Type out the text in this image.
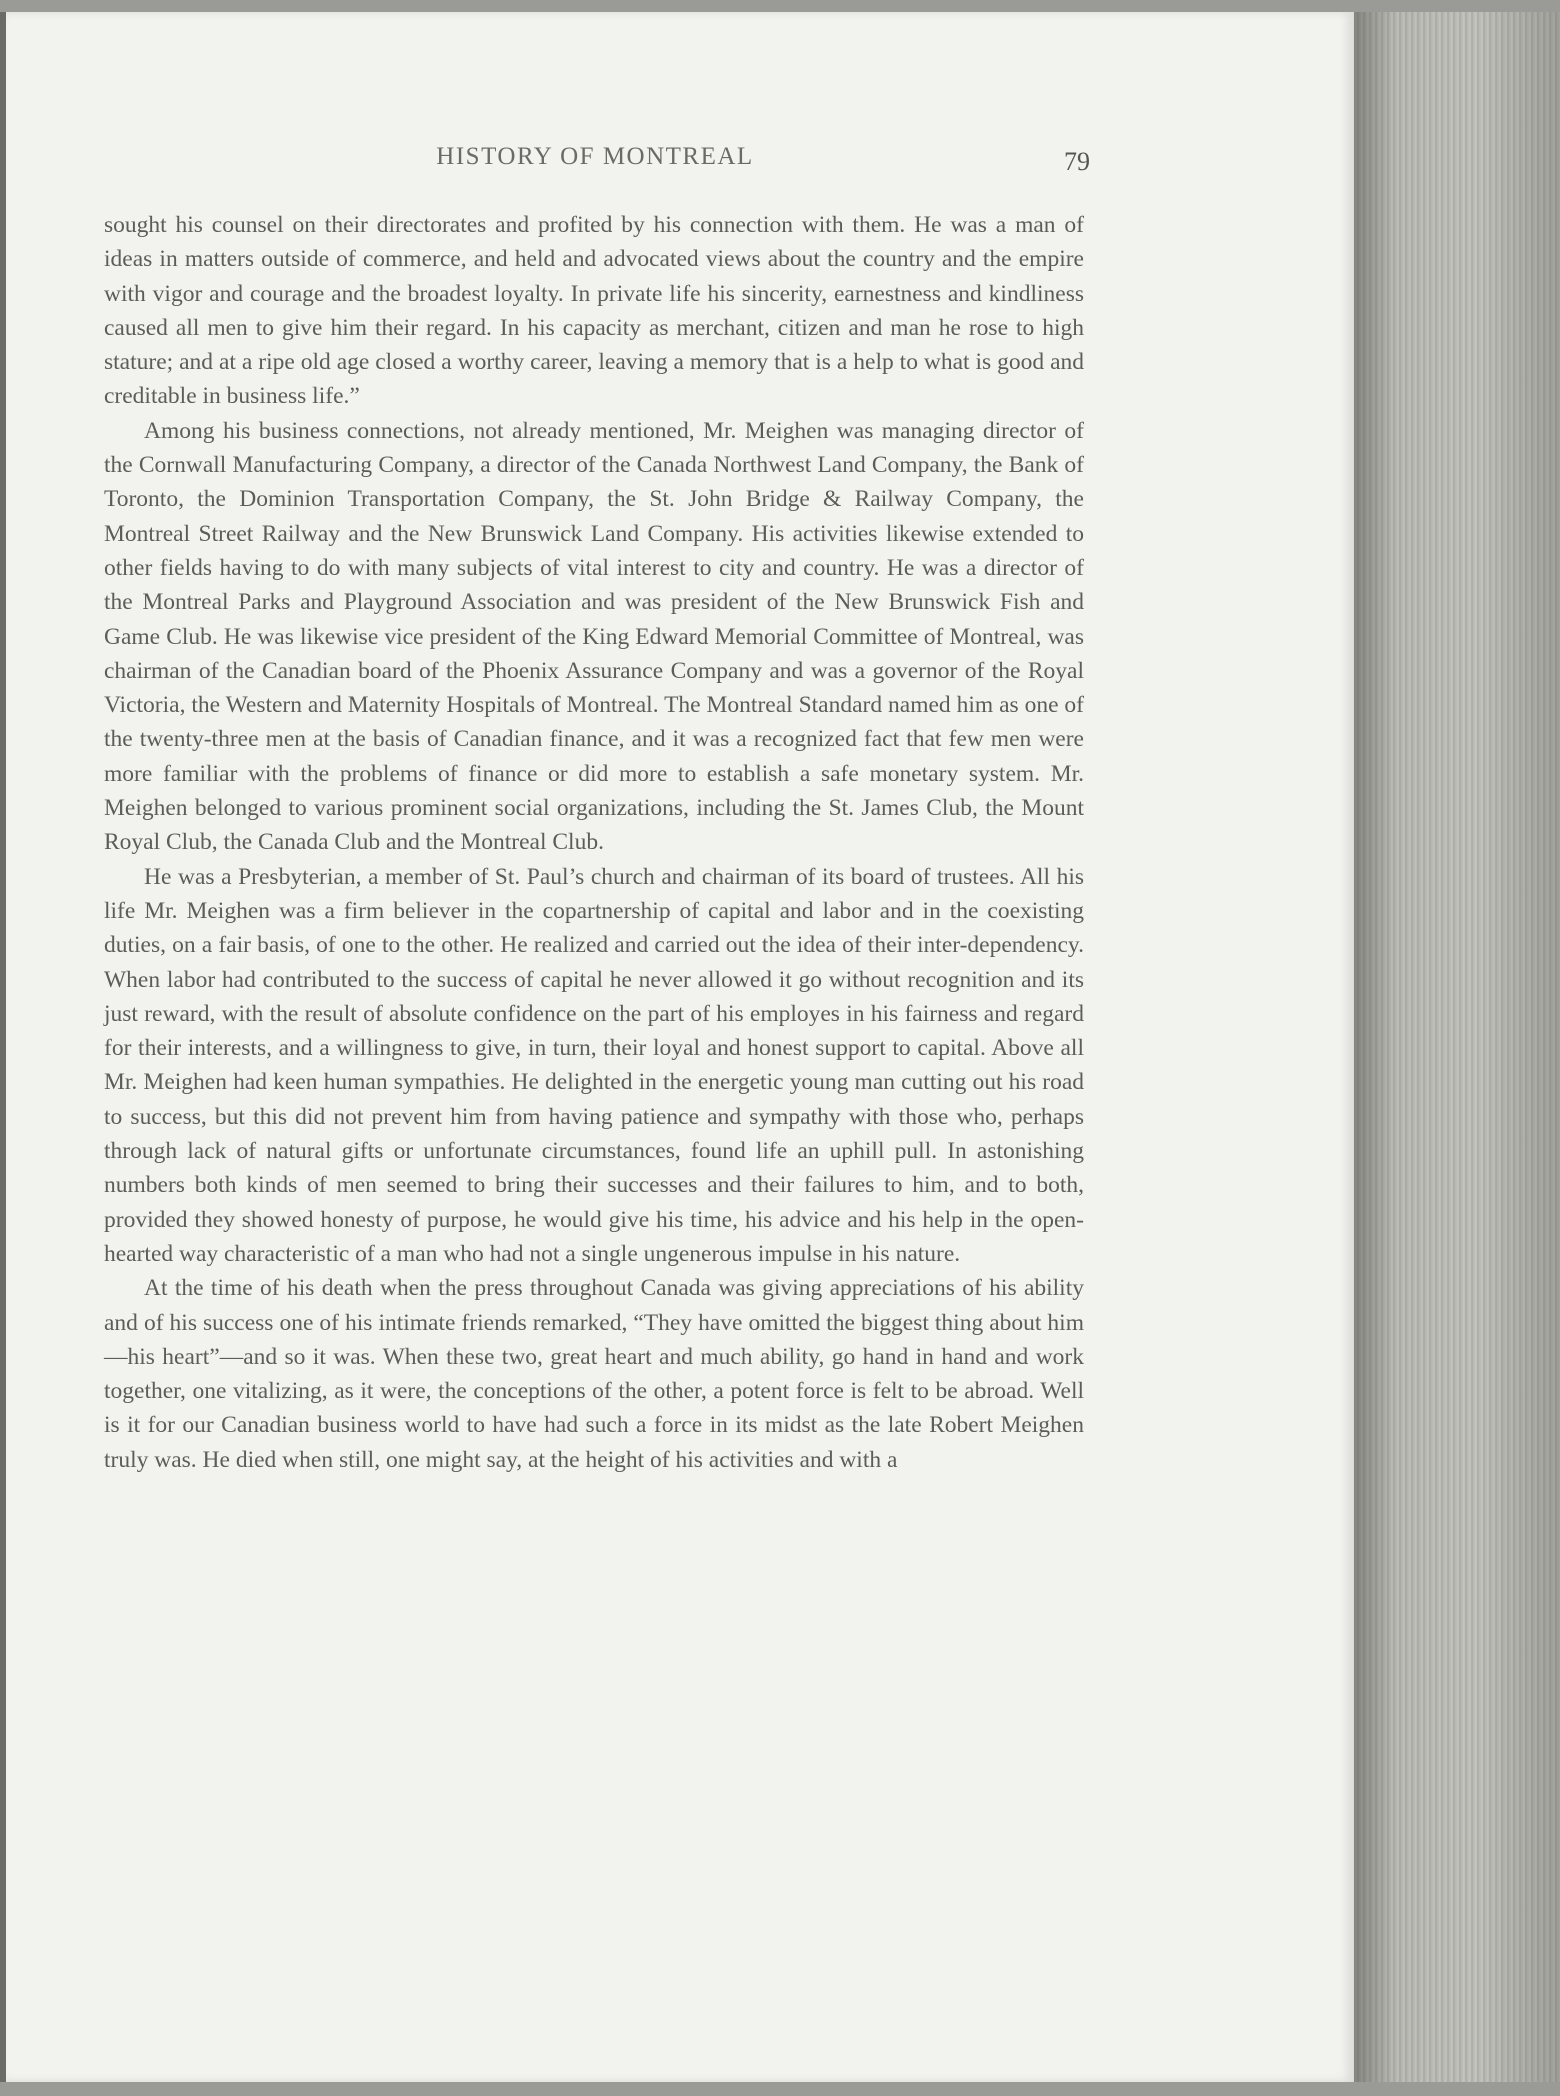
HISTORY OF MONTREAL	79

sought his counsel on their directorates and profited by his connection with them. He was a man of ideas in matters outside of commerce, and held and advocated views about the country and the empire with vigor and courage and the broadest loyalty. In private life his sincerity, earnestness and kindliness caused all men to give him their regard. In his capacity as merchant, citizen and man he rose to high stature; and at a ripe old age closed a worthy career, leaving a memory that is a help to what is good and creditable in business life.”

Among his business connections, not already mentioned, Mr. Meighen was managing director of the Cornwall Manufacturing Company, a director of the Canada Northwest Land Company, the Bank of Toronto, the Dominion Transportation Company, the St. John Bridge & Railway Company, the Montreal Street Railway and the New Brunswick Land Company. His activities likewise extended to other fields having to do with many subjects of vital interest to city and country. He was a director of the Montreal Parks and Playground Association and was president of the New Brunswick Fish and Game Club. He was likewise vice president of the King Edward Memorial Committee of Montreal, was chairman of the Canadian board of the Phoenix Assurance Company and was a governor of the Royal Victoria, the Western and Maternity Hospitals of Montreal. The Montreal Standard named him as one of the twenty-three men at the basis of Canadian finance, and it was a recognized fact that few men were more familiar with the problems of finance or did more to establish a safe monetary system. Mr. Meighen belonged to various prominent social organizations, including the St. James Club, the Mount Royal Club, the Canada Club and the Montreal Club.

He was a Presbyterian, a member of St. Paul’s church and chairman of its board of trustees. All his life Mr. Meighen was a firm believer in the copartnership of capital and labor and in the coexisting duties, on a fair basis, of one to the other. He realized and carried out the idea of their inter-dependency. When labor had contributed to the success of capital he never allowed it go without recognition and its just reward, with the result of absolute confidence on the part of his employes in his fairness and regard for their interests, and a willingness to give, in turn, their loyal and honest support to capital. Above all Mr. Meighen had keen human sympathies. He delighted in the energetic young man cutting out his road to success, but this did not prevent him from having patience and sympathy with those who, perhaps through lack of natural gifts or unfortunate circumstances, found life an uphill pull. In astonishing numbers both kinds of men seemed to bring their successes and their failures to him, and to both, provided they showed honesty of purpose, he would give his time, his advice and his help in the open-hearted way characteristic of a man who had not a single ungenerous impulse in his nature.

At the time of his death when the press throughout Canada was giving appreciations of his ability and of his success one of his intimate friends remarked, “They have omitted the biggest thing about him—his heart”—and so it was. When these two, great heart and much ability, go hand in hand and work together, one vitalizing, as it were, the conceptions of the other, a potent force is felt to be abroad. Well is it for our Canadian business world to have had such a force in its midst as the late Robert Meighen truly was. He died when still, one might say, at the height of his activities and with a
